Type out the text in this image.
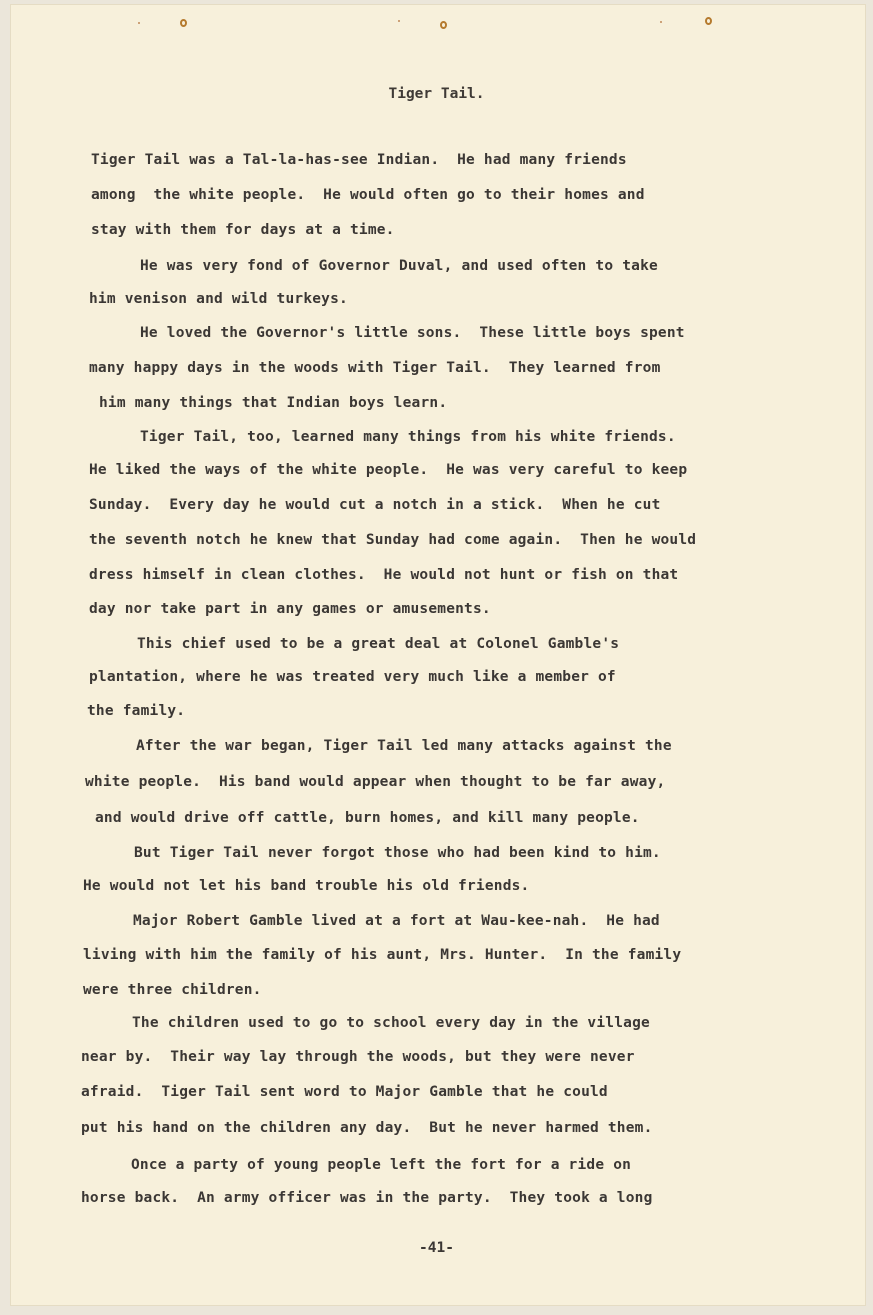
Tiger Tail.

Tiger Tail was a Tal-la-has-see Indian.  He had many friends

among  the white people.  He would often go to their homes and

stay with them for days at a time.

He was very fond of Governor Duval, and used often to take

him venison and wild turkeys.

He loved the Governor's little sons.  These little boys spent

many happy days in the woods with Tiger Tail.  They learned from

him many things that Indian boys learn.

Tiger Tail, too, learned many things from his white friends.

He liked the ways of the white people.  He was very careful to keep

Sunday.  Every day he would cut a notch in a stick.  When he cut

the seventh notch he knew that Sunday had come again.  Then he would

dress himself in clean clothes.  He would not hunt or fish on that

day nor take part in any games or amusements.

This chief used to be a great deal at Colonel Gamble's

plantation, where he was treated very much like a member of

the family.

After the war began, Tiger Tail led many attacks against the

white people.  His band would appear when thought to be far away,

and would drive off cattle, burn homes, and kill many people.

But Tiger Tail never forgot those who had been kind to him.

He would not let his band trouble his old friends.

Major Robert Gamble lived at a fort at Wau-kee-nah.  He had

living with him the family of his aunt, Mrs. Hunter.  In the family

were three children.

The children used to go to school every day in the village

near by.  Their way lay through the woods, but they were never

afraid.  Tiger Tail sent word to Major Gamble that he could

put his hand on the children any day.  But he never harmed them.

Once a party of young people left the fort for a ride on

horse back.  An army officer was in the party.  They took a long

-41-
